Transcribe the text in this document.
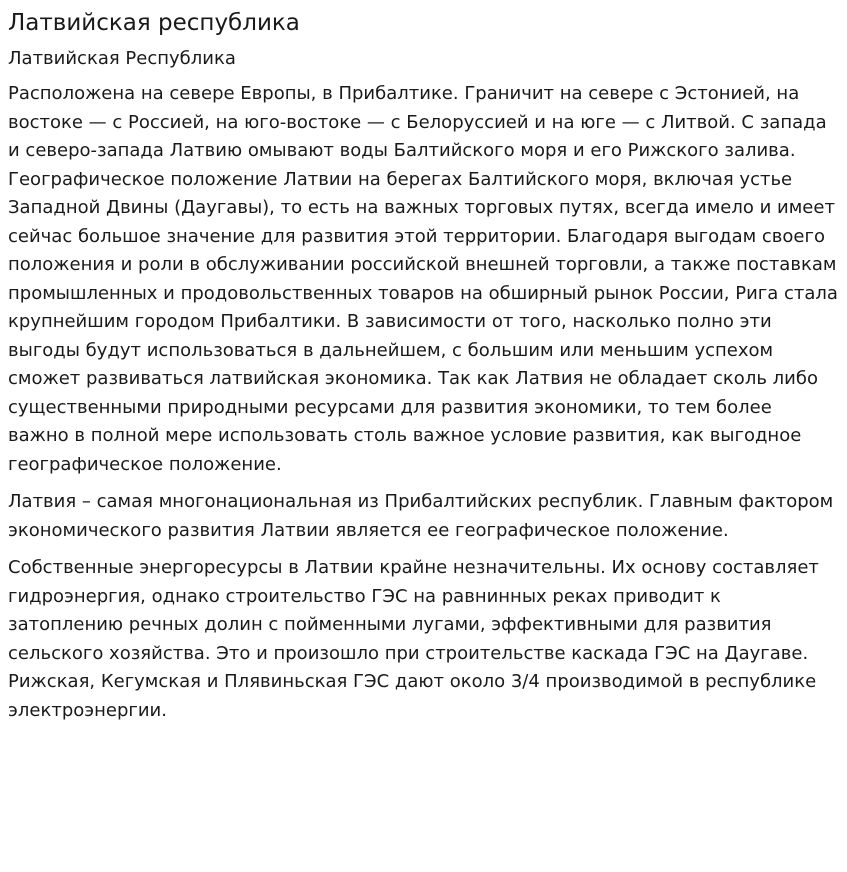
Латвийская республика
Латвийская Республика

Расположена на севере Европы, в Прибалтике. Граничит на севере с Эстонией, на востоке — с Россией, на юго-востоке — с Белоруссией и на юге — с Литвой. С запада и северо-запада Латвию омывают воды Балтийского моря и его Рижского залива. Географическое положение Латвии на берегах Балтийского моря, включая устье Западной Двины (Даугавы), то есть на важных торговых путях, всегда имело и имеет сейчас большое значение для развития этой территории. Благодаря выгодам своего положения и роли в обслуживании российской внешней торговли, а также поставкам промышленных и продовольственных товаров на обширный рынок России, Рига стала крупнейшим городом Прибалтики. В зависимости от того, насколько полно эти выгоды будут использоваться в дальнейшем, с большим или меньшим успехом сможет развиваться латвийская экономика. Так как Латвия не обладает сколь либо существенными природными ресурсами для развития экономики, то тем более важно в полной мере использовать столь важное условие развития, как выгодное географическое положение.

Латвия – самая многонациональная из Прибалтийских республик. Главным фактором экономического развития Латвии является ее географическое положение.

Собственные энергоресурсы в Латвии крайне незначительны. Их основу составляет гидроэнергия, однако строительство ГЭС на равнинных реках приводит к затоплению речных долин с пойменными лугами, эффективными для развития сельского хозяйства. Это и произошло при строительстве каскада ГЭС на Даугаве. Рижская, Кегумская и Плявиньская ГЭС дают около 3/4 производимой в республике электроэнергии.
